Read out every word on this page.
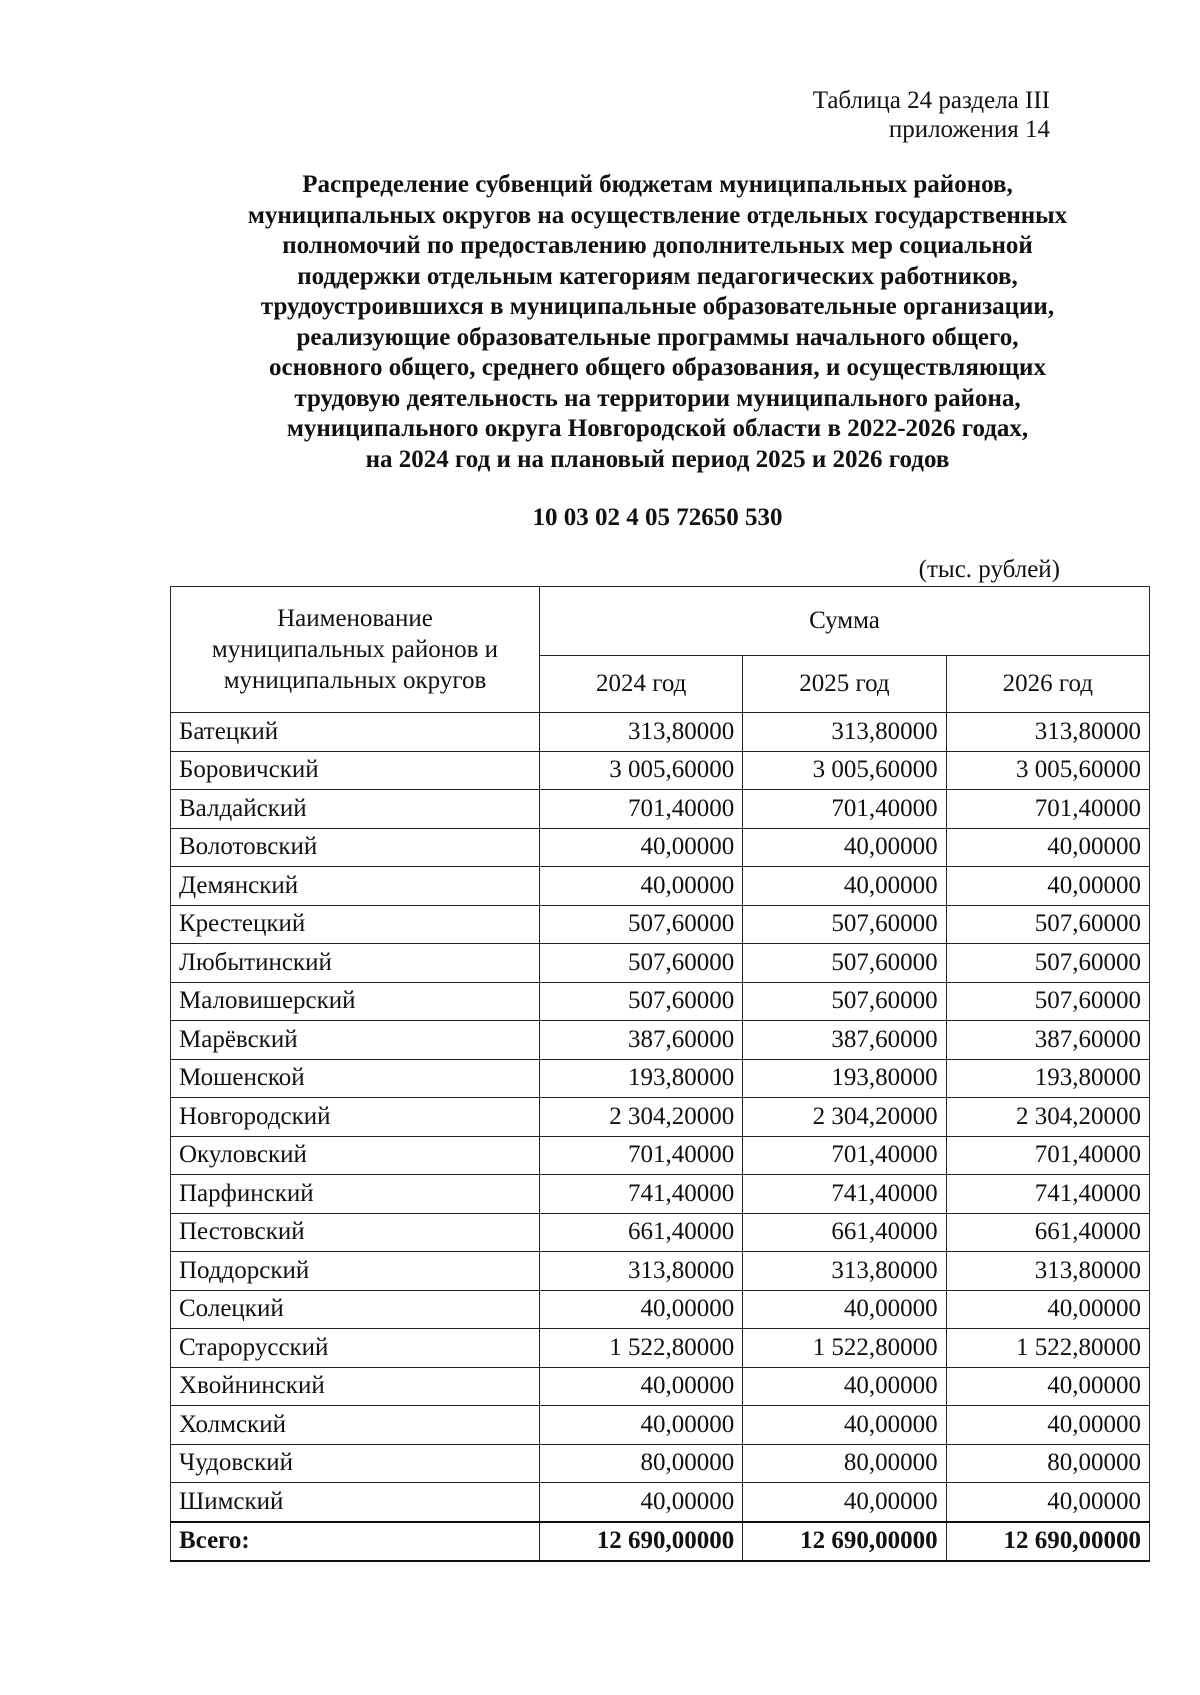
Таблица 24 раздела III
приложения 14
Распределение субвенций бюджетам муниципальных районов,
муниципальных округов на осуществление отдельных государственных
полномочий по предоставлению дополнительных мер социальной
поддержки отдельным категориям педагогических работников,
трудоустроившихся в муниципальные образовательные организации,
реализующие образовательные программы начального общего,
основного общего, среднего общего образования, и осуществляющих
трудовую деятельность на территории муниципального района,
муниципального округа Новгородской области в 2022-2026 годах,
на 2024 год и на плановый период 2025 и 2026 годов
10 03 02 4 05 72650 530
(тыс. рублей)
Наименование
муниципальных районов и
муниципальных округов	Сумма		
	2024 год	2025 год	2026 год
Батецкий	313,80000	313,80000	313,80000
Боровичский	3 005,60000	3 005,60000	3 005,60000
Валдайский	701,40000	701,40000	701,40000
Волотовский	40,00000	40,00000	40,00000
Демянский	40,00000	40,00000	40,00000
Крестецкий	507,60000	507,60000	507,60000
Любытинский	507,60000	507,60000	507,60000
Маловишерский	507,60000	507,60000	507,60000
Марёвский	387,60000	387,60000	387,60000
Мошенской	193,80000	193,80000	193,80000
Новгородский	2 304,20000	2 304,20000	2 304,20000
Окуловский	701,40000	701,40000	701,40000
Парфинский	741,40000	741,40000	741,40000
Пестовский	661,40000	661,40000	661,40000
Поддорский	313,80000	313,80000	313,80000
Солецкий	40,00000	40,00000	40,00000
Старорусский	1 522,80000	1 522,80000	1 522,80000
Хвойнинский	40,00000	40,00000	40,00000
Холмский	40,00000	40,00000	40,00000
Чудовский	80,00000	80,00000	80,00000
Шимский	40,00000	40,00000	40,00000
Всего:	12 690,00000	12 690,00000	12 690,00000
